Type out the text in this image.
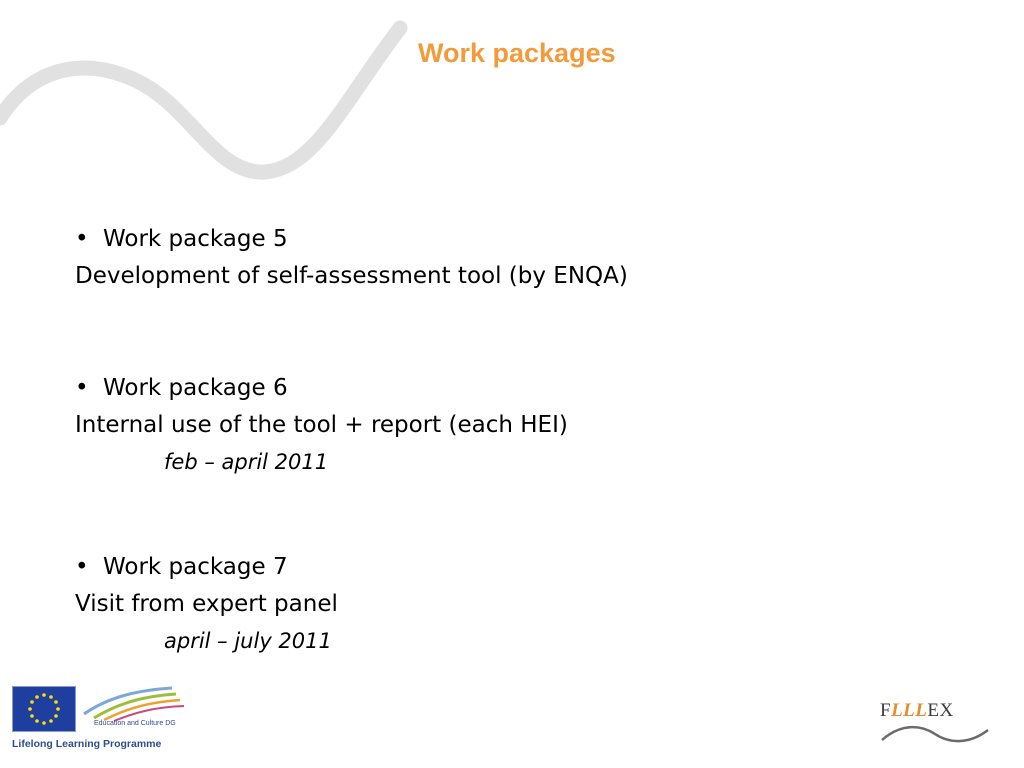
Work packages
• Work package 5
Development of self-assessment tool (by ENQA)
• Work package 6
Internal use of the tool + report (each HEI)
feb – april 2011
• Work package 7
Visit from expert panel
april – july 2011
Education and Culture DG
Lifelong Learning Programme
FLLLEX
